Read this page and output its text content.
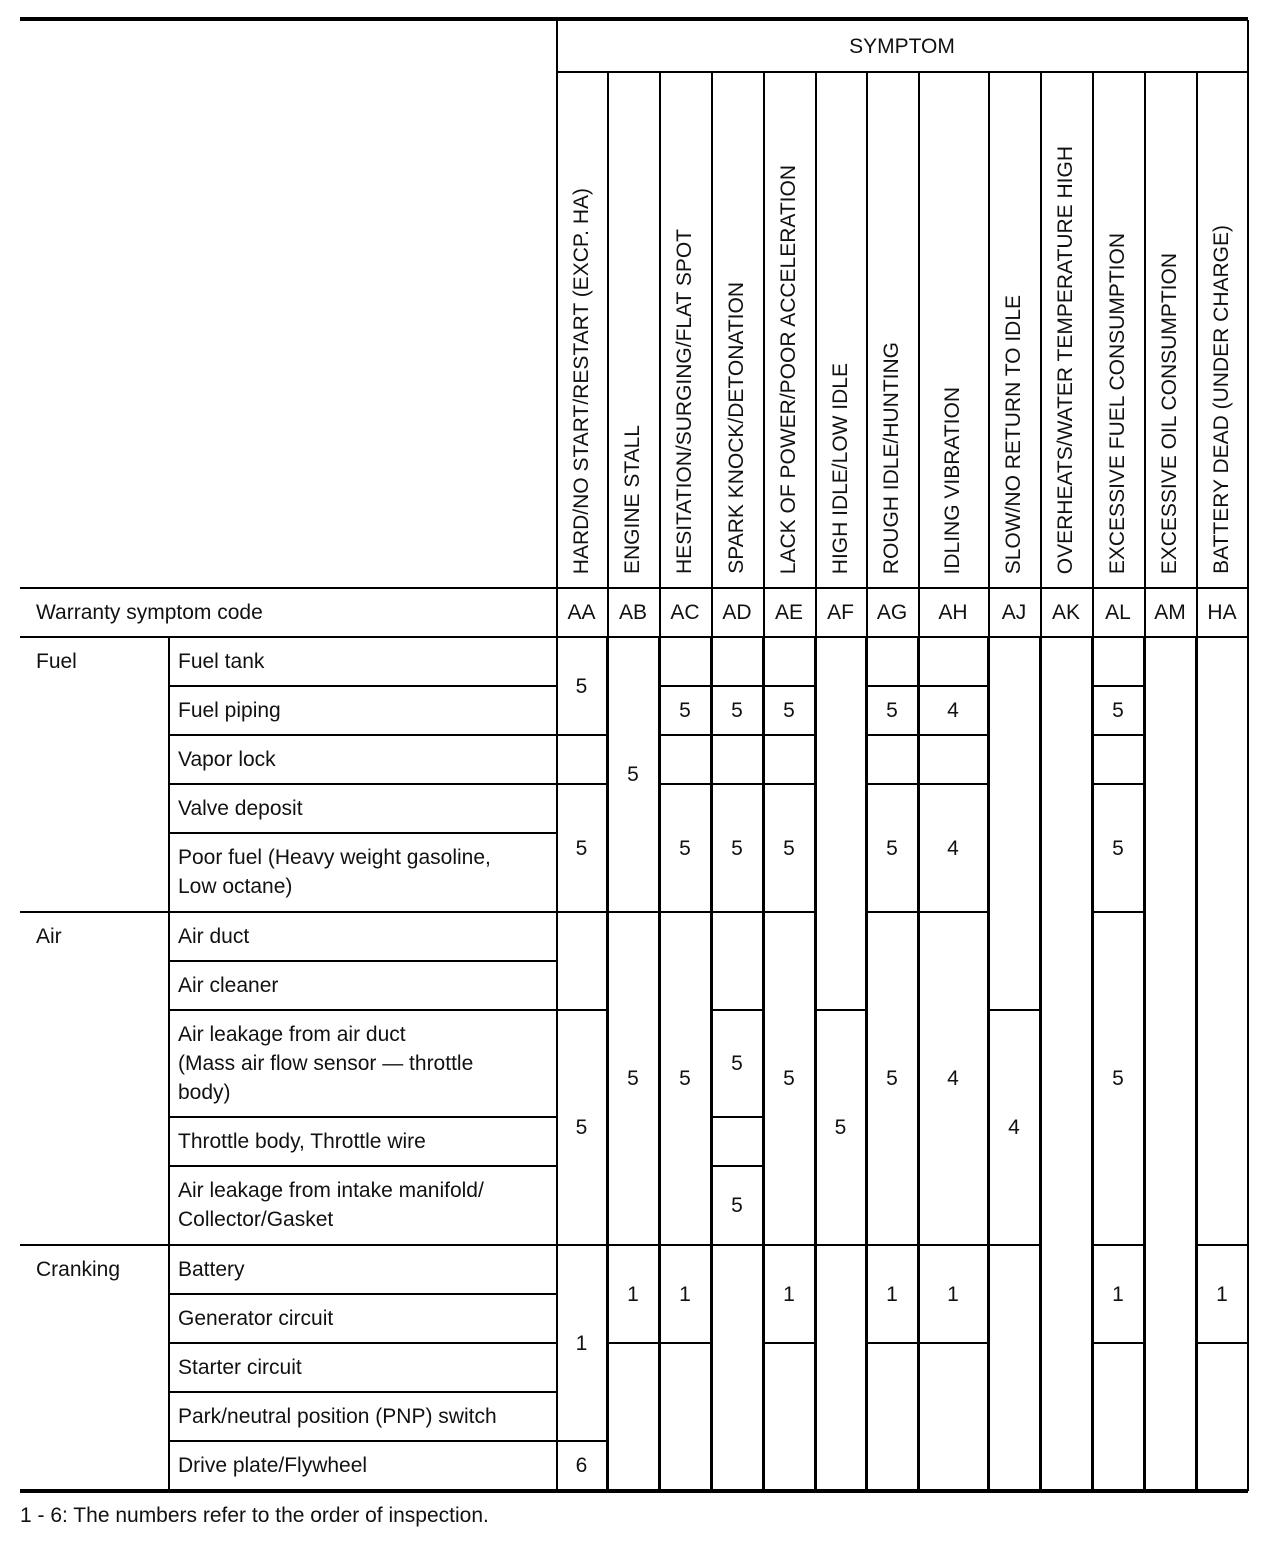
SYMPTOM
Warranty symptom code
HARD/NO START/RESTART (EXCP. HA)
AA
ENGINE STALL
AB
HESITATION/SURGING/FLAT SPOT
AC
SPARK KNOCK/DETONATION
AD
LACK OF POWER/POOR ACCELERATION
AE
HIGH IDLE/LOW IDLE
AF
ROUGH IDLE/HUNTING
AG
IDLING VIBRATION
AH
SLOW/NO RETURN TO IDLE
AJ
OVERHEATS/WATER TEMPERATURE HIGH
AK
EXCESSIVE FUEL CONSUMPTION
AL
EXCESSIVE OIL CONSUMPTION
AM
BATTERY DEAD (UNDER CHARGE)
HA
Fuel
Air
Cranking
Fuel tank
Fuel piping
Vapor lock
Valve deposit
Poor fuel (Heavy weight gasoline,
Low octane)
Air duct
Air cleaner
Air leakage from air duct
(Mass air flow sensor — throttle
body)
Throttle body, Throttle wire
Air leakage from intake manifold/
Collector/Gasket
Battery
Generator circuit
Starter circuit
Park/neutral position (PNP) switch
Drive plate/Flywheel
5
5
5
1
6
5
5
1
5
5
5
1
5
5
5
5
5
5
5
1
5
5
5
5
1
4
4
4
1
4
5
5
5
1	1
1 - 6: The numbers refer to the order of inspection.
